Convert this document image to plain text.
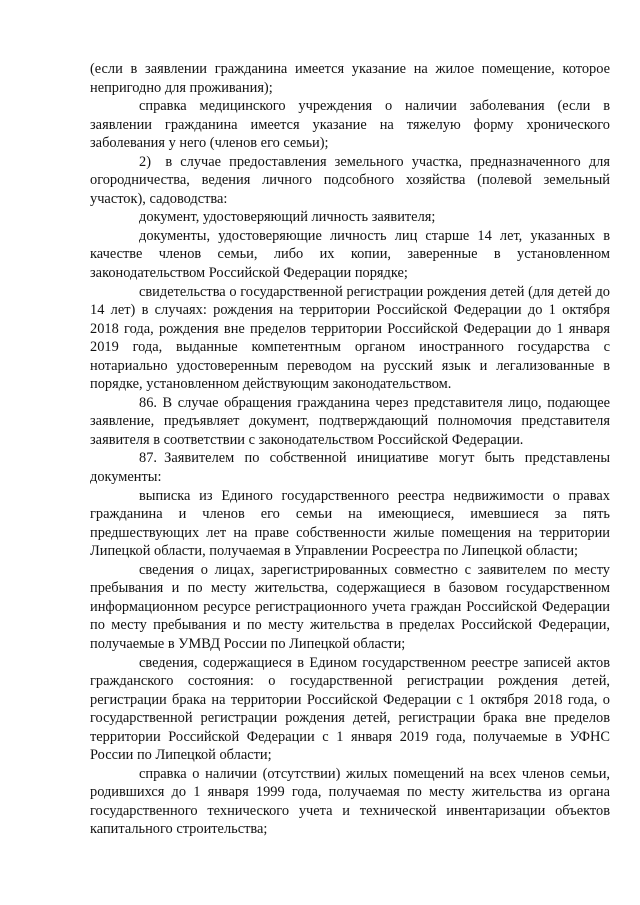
(если в заявлении гражданина имеется указание на жилое помещение, которое непригодно для проживания);

справка медицинского учреждения о наличии заболевания (если в заявлении гражданина имеется указание на тяжелую форму хронического заболевания у него (членов его семьи);

2)  в случае предоставления земельного участка, предназначенного для огородничества, ведения личного подсобного хозяйства (полевой земельный участок), садоводства:

документ, удостоверяющий личность заявителя;

документы, удостоверяющие личность лиц старше 14 лет, указанных в качестве членов семьи, либо их копии, заверенные в установленном законодательством Российской Федерации порядке;

свидетельства о государственной регистрации рождения детей (для детей до 14 лет) в случаях: рождения на территории Российской Федерации до 1 октября 2018 года, рождения вне пределов территории Российской Федерации до 1 января 2019 года, выданные компетентным органом иностранного государства с нотариально удостоверенным переводом на русский язык и легализованные в порядке, установленном действующим законодательством.

86. В случае обращения гражданина через представителя лицо, подающее заявление, предъявляет документ, подтверждающий полномочия представителя заявителя в соответствии с законодательством Российской Федерации.

87. Заявителем по собственной инициативе могут быть представлены документы:

выписка из Единого государственного реестра недвижимости о правах гражданина и членов его семьи на имеющиеся, имевшиеся за пять предшествующих лет на праве собственности жилые помещения на территории Липецкой области, получаемая в Управлении Росреестра по Липецкой области;

сведения о лицах, зарегистрированных совместно с заявителем по месту пребывания и по месту жительства, содержащиеся в базовом государственном информационном ресурсе регистрационного учета граждан Российской Федерации по месту пребывания и по месту жительства в пределах Российской Федерации, получаемые в УМВД России по Липецкой области;

сведения, содержащиеся в Едином государственном реестре записей актов гражданского состояния: о государственной регистрации рождения детей, регистрации брака на территории Российской Федерации с 1 октября 2018 года, о государственной регистрации рождения детей, регистрации брака вне пределов территории Российской Федерации с 1 января 2019 года, получаемые в УФНС России по Липецкой области;

справка о наличии (отсутствии) жилых помещений на всех членов семьи, родившихся до 1 января 1999 года, получаемая по месту жительства из органа государственного технического учета и технической инвентаризации объектов капитального строительства;
